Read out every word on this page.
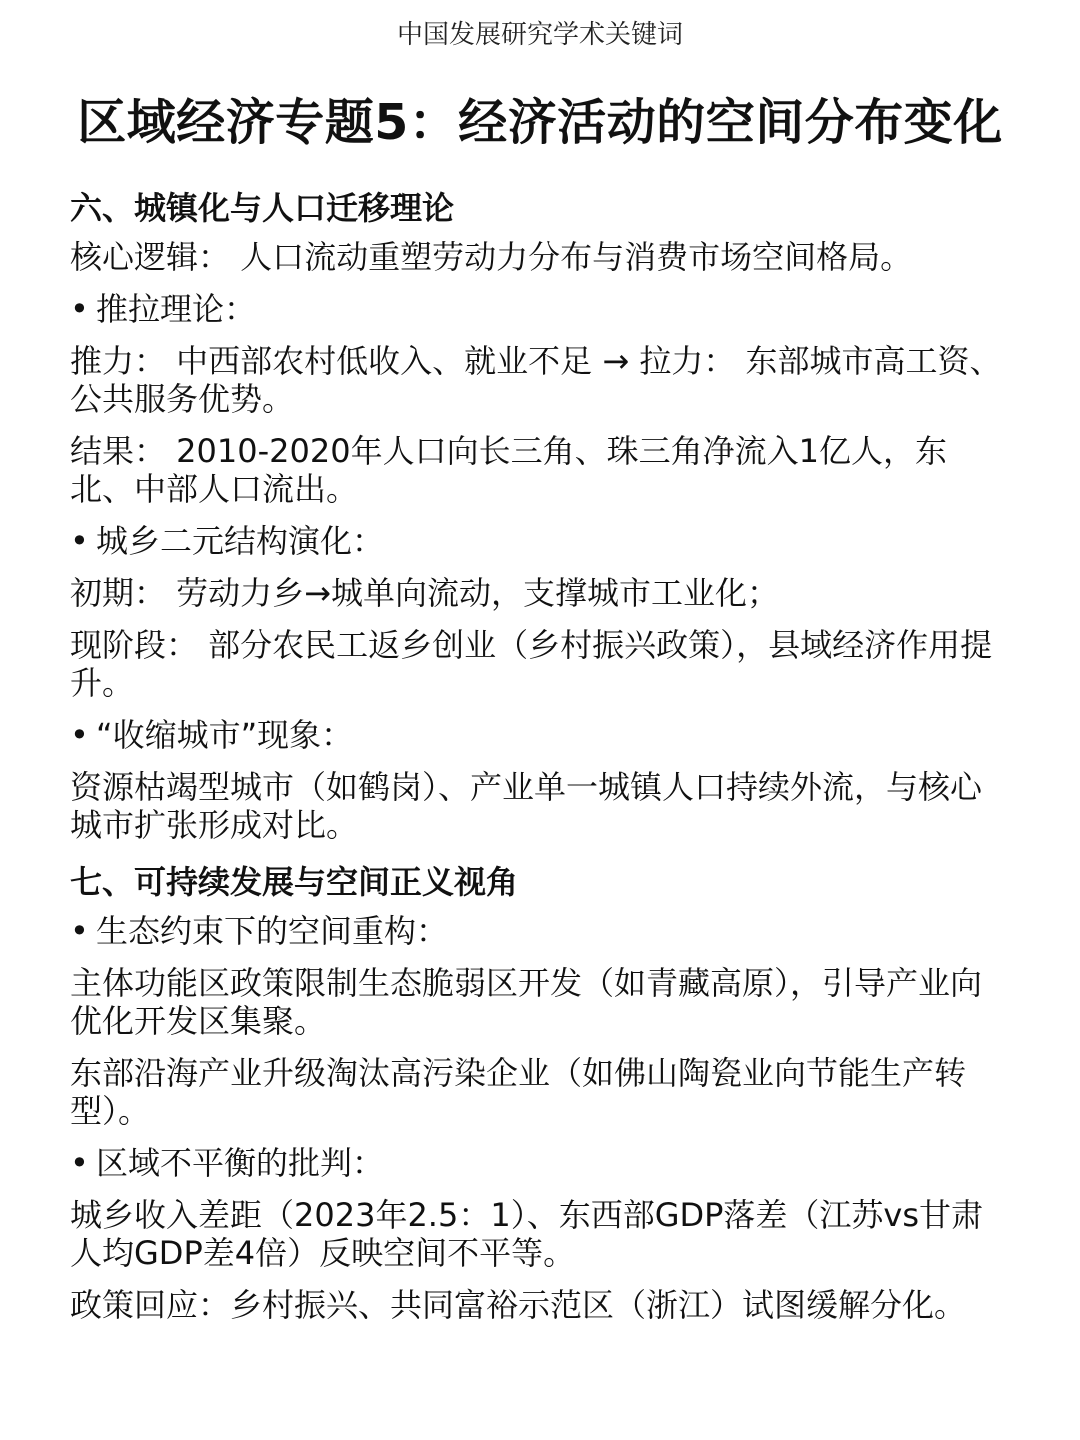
中国发展研究学术关键词
区域经济专题5：经济活动的空间分布变化
六、城镇化与人口迁移理论
核心逻辑： 人口流动重塑劳动力分布与消费市场空间格局。
• 推拉理论：
推力： 中西部农村低收入、就业不足 → 拉力： 东部城市高工资、公共服务优势。
结果： 2010-2020年人口向长三角、珠三角净流入1亿人，东北、中部人口流出。
• 城乡二元结构演化：
初期： 劳动力乡→城单向流动，支撑城市工业化；
现阶段： 部分农民工返乡创业（乡村振兴政策），县域经济作用提升。
• “收缩城市”现象：
资源枯竭型城市（如鹤岗）、产业单一城镇人口持续外流，与核心城市扩张形成对比。
七、可持续发展与空间正义视角
• 生态约束下的空间重构：
主体功能区政策限制生态脆弱区开发（如青藏高原），引导产业向优化开发区集聚。
东部沿海产业升级淘汰高污染企业（如佛山陶瓷业向节能生产转型）。
• 区域不平衡的批判：
城乡收入差距（2023年2.5：1）、东西部GDP落差（江苏vs甘肃人均GDP差4倍）反映空间不平等。
政策回应：乡村振兴、共同富裕示范区（浙江）试图缓解分化。
